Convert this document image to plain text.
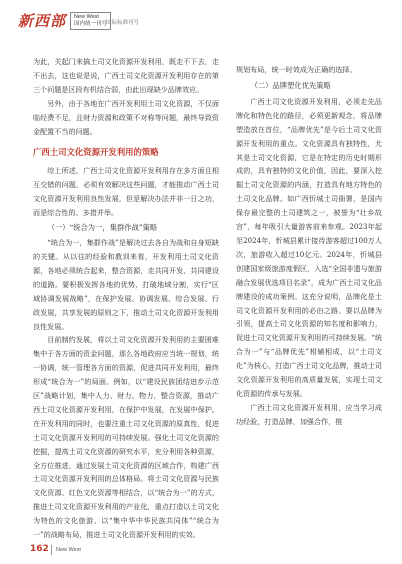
新西部	New West
国内统一刊号
国际标准刊号

为此，关起门来搞土司文化资源开发利用，既走不下去，走不出去，这也说是说，广西土司文化资源开发利用存在的第三个问题是区段有机结合弱，由此出现缺少品牌效应。

另外，由于各地在广西开发利用土司文化资源，不仅面临经费不足，且财力资源和政策不对称等问题，最终导致资金配置不当的问题。

广西土司文化资源开发利用的策略

综上所述，广西土司文化资源开发利用存在多方面且相互交错的问题，必须有效解决这些问题，才能推动广西土司文化资源开发利用良性发展，但是解决办法并非一日之功，而是综合性的、多措并举。

（一）“统合为一，集群作战”策略

“统合为一，集群作战”是解决过去各自为战和自身短缺的关键。从以往的经验和教训来看，开发利用土司文化资源，各地必须统合起来，整合资源，走共同开发、共同建设的道路。要积极发挥各地的优势，打破地域分割，实行“区域协调发展战略”，在保护发展、协调发展、综合发展、行政发展，共享发展的原则之下，推动土司文化资源开发利用良性发展。

目前制约发展，将以土司文化资源开发利用的主要困难集中于各方面的资金问题，那么各地政府应当统一规划，统一协调，统一管理各方面的资源，促进共同开发利用，最终形成“统合为一”的局面。例如，以“建设民族团结进步示范区”战略计划，集中人力、财力、物力，整合资源，推动广西土司文化资源开发利用，在保护中发展，在发展中保护。在开发利用的同时，也要注重土司文化资源的原真性，促进土司文化资源开发利用的可持续发展。强化土司文化资源的挖掘，提高土司文化资源的研究水平，充分利用各种资源，全方位推进，通过发展土司文化资源的区域合作，构建广西土司文化资源开发利用的总体格局。将土司文化资源与民族文化资源、红色文化资源等相结合，以“统合为一”的方式，推进土司文化资源开发利用的产业化，重点打造以土司文化为特色的文化旅游、以“集中华中华民族共同体”“统合为一”的战略布局，推进土司文化资源开发利用的实效。

规划布局，统一时效成为正确的选择。

（二）品牌塑化优先策略

广西土司文化资源开发利用，必须走先品牌化和特色化的路径，必须更新观念，将品牌塑造放在首位，“品牌优先”是今后土司文化资源开发利用的重点。文化资源具有独特性，尤其是土司文化资源，它是在特定的历史时期形成的，具有独特的文化价值，因此，要深入挖掘土司文化资源的内涵，打造具有地方特色的土司文化品牌。如广西忻城土司衙署，是国内保存最完整的土司建筑之一，被誉为“壮乡故宫”，每年吸引大量游客前来参观。2023年起至2024年，忻城县累计接待游客超过100万人次，旅游收入超过10亿元。2024年，忻城县创建国家级旅游度假区，入选“全国非遗与旅游融合发展优选项目名录”，成为广西土司文化品牌建设的成功案例。这充分说明，品牌化是土司文化资源开发利用的必由之路。要以品牌为引领，提高土司文化资源的知名度和影响力，促进土司文化资源开发利用的可持续发展。“统合为一”与“品牌优先”相辅相成，以“土司文化”为核心，打造广西土司文化品牌，推动土司文化资源开发利用的高质量发展，实现土司文化资源的传承与发展。

广西土司文化资源开发利用，应当学习成功经验，打造品牌，加强合作，推

162 New West
